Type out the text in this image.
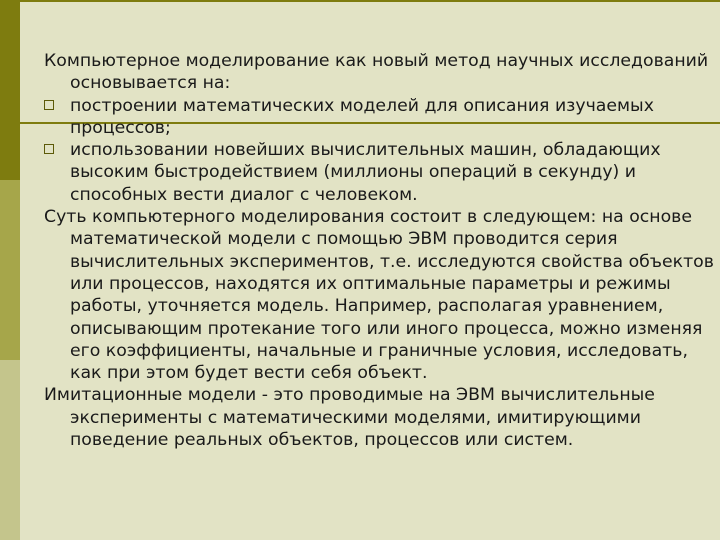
Компьютерное моделирование как новый метод научных исследований основывается на:

построении математических моделей для описания изучаемых процессов;
использовании новейших вычислительных машин, обладающих высоким быстродействием (миллионы операций в секунду) и способных вести диалог с человеком.

Суть компьютерного моделирования состоит в следующем: на основе математической модели с помощью ЭВМ проводится серия вычислительных экспериментов, т.е. исследуются свойства объектов или процессов, находятся их оптимальные параметры и режимы работы, уточняется модель. Например, располагая уравнением, описывающим протекание того или иного процесса, можно изменяя его коэффициенты, начальные и граничные условия, исследовать, как при этом будет вести себя объект.

Имитационные модели - это проводимые на ЭВМ вычислительные эксперименты с математическими моделями, имитирующими поведение реальных объектов, процессов или систем.
